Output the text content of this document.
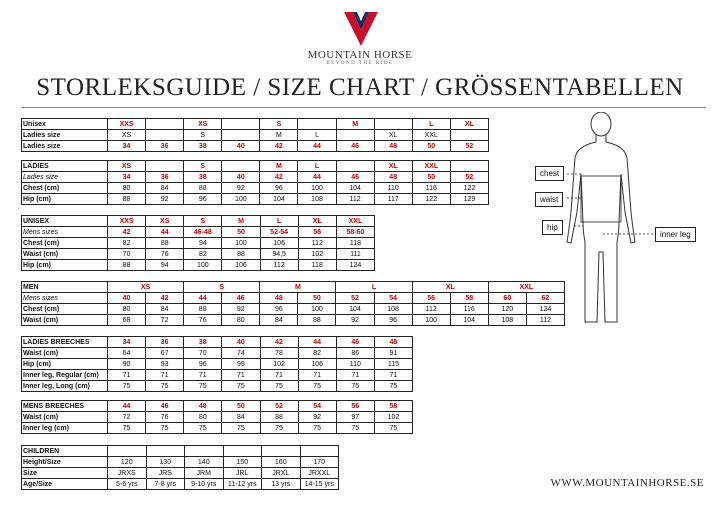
MOUNTAIN HORSE
BEYOND THE RIDE
STORLEKSGUIDE / SIZE CHART / GRÖSSENTABELLEN
Unisex	XXS		XS		S		M		L	XL
Ladies size	XS		S		M	L		XL	XXL	
Ladies size	34	36	38	40	42	44	46	48	50	52
LADIES	XS		S		M	L		XL	XXL	
Ladies size	34	36	38	40	42	44	46	48	50	52
Chest (cm)	80	84	88	92	96	100	104	110	116	122
Hip (cm)	88	92	96	100	104	108	112	117	122	129
UNISEX	XXS	XS	S	M	L	XL	XXL
Mens sizes	42	44	46-48	50	52-54	56	58-60
Chest (cm)	82	88	94	100	106	112	118
Waist (cm)	70	76	82	88	94,5	102	111
Hip (cm)	88	94	100	106	112	118	124
MEN	XS		S		M		L		XL		XXL	
Mens sizes	40	42	44	46	48	50	52	54	56	58	60	62
Chest (cm)	80	84	88	92	96	100	104	108	112	116	120	124
Waist (cm)	68	72	76	80	84	88	92	96	100	104	108	112
LADIES BREECHES	34	36	38	40	42	44	46	48
Waist (cm)	64	67	70	74	78	82	86	91
Hip (cm)	90	93	96	99	102	106	110	115
Inner leg, Regular (cm)	71	71	71	71	71	71	71	71
Inner leg, Long (cm)	75	75	75	75	75	75	75	75
MENS BREECHES	44	46	48	50	52	54	56	58
Waist (cm)	72	76	80	84	88	92	97	102
Inner leg (cm)	75	75	75	75	75	75	75	75
CHILDREN						
Height/Size	120	130	140	150	160	170
Size	JRXS	JRS	JRM	JRL	JRXL	JRXXL
Age/Size	5-6 yrs	7-8 yrs	9-10 yrs	11-12 yrs	13 yrs	14-15 yrs
chest
waist
hip
inner leg
WWW.MOUNTAINHORSE.SE
